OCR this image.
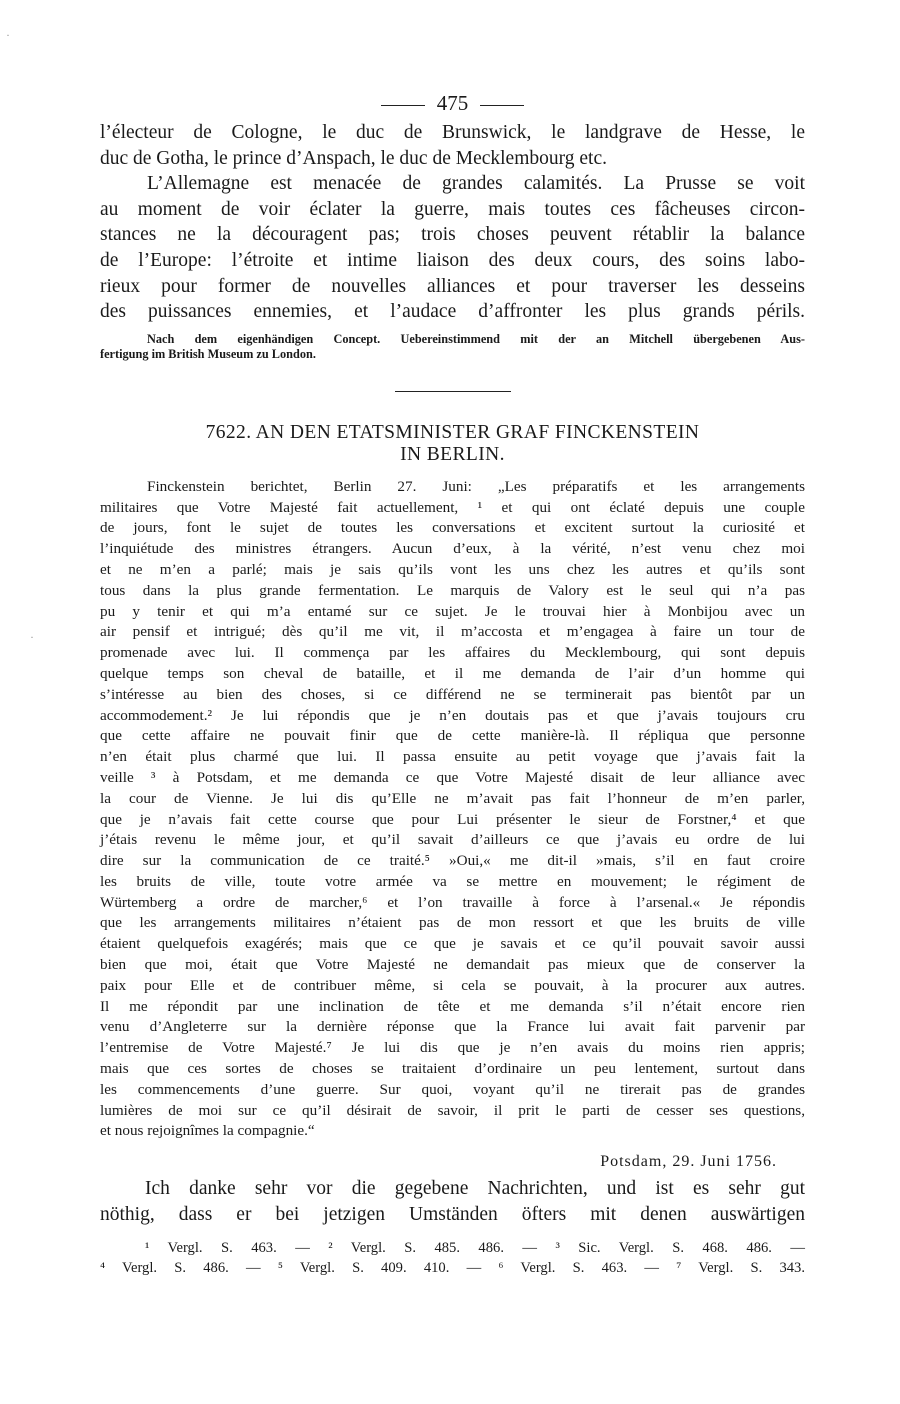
475
l’électeur de Cologne, le duc de Brunswick, le landgrave de Hesse, le
duc de Gotha, le prince d’Anspach, le duc de Mecklembourg etc.
L’Allemagne est menacée de grandes calamités. La Prusse se voit
au moment de voir éclater la guerre, mais toutes ces fâcheuses circon-
stances ne la découragent pas; trois choses peuvent rétablir la balance
de l’Europe: l’étroite et intime liaison des deux cours, des soins labo-
rieux pour former de nouvelles alliances et pour traverser les desseins
des puissances ennemies, et l’audace d’affronter les plus grands périls.
Nach dem eigenhändigen Concept. Uebereinstimmend mit der an Mitchell übergebenen Aus-
fertigung im British Museum zu London.
7622. AN DEN ETATSMINISTER GRAF FINCKENSTEIN
IN BERLIN.
Finckenstein berichtet, Berlin 27. Juni: „Les préparatifs et les arrangements
militaires que Votre Majesté fait actuellement, ¹ et qui ont éclaté depuis une couple
de jours, font le sujet de toutes les conversations et excitent surtout la curiosité et
l’inquiétude des ministres étrangers. Aucun d’eux, à la vérité, n’est venu chez moi
et ne m’en a parlé; mais je sais qu’ils vont les uns chez les autres et qu’ils sont
tous dans la plus grande fermentation. Le marquis de Valory est le seul qui n’a pas
pu y tenir et qui m’a entamé sur ce sujet. Je le trouvai hier à Monbijou avec un
air pensif et intrigué; dès qu’il me vit, il m’accosta et m’engagea à faire un tour de
promenade avec lui. Il commença par les affaires du Mecklembourg, qui sont depuis
quelque temps son cheval de bataille, et il me demanda de l’air d’un homme qui
s’intéresse au bien des choses, si ce différend ne se terminerait pas bientôt par un
accommodement.² Je lui répondis que je n’en doutais pas et que j’avais toujours cru
que cette affaire ne pouvait finir que de cette manière-là. Il répliqua que personne
n’en était plus charmé que lui. Il passa ensuite au petit voyage que j’avais fait la
veille ³ à Potsdam, et me demanda ce que Votre Majesté disait de leur alliance avec
la cour de Vienne. Je lui dis qu’Elle ne m’avait pas fait l’honneur de m’en parler,
que je n’avais fait cette course que pour Lui présenter le sieur de Forstner,⁴ et que
j’étais revenu le même jour, et qu’il savait d’ailleurs ce que j’avais eu ordre de lui
dire sur la communication de ce traité.⁵ »Oui,« me dit-il »mais, s’il en faut croire
les bruits de ville, toute votre armée va se mettre en mouvement; le régiment de
Würtemberg a ordre de marcher,⁶ et l’on travaille à force à l’arsenal.« Je répondis
que les arrangements militaires n’étaient pas de mon ressort et que les bruits de ville
étaient quelquefois exagérés; mais que ce que je savais et ce qu’il pouvait savoir aussi
bien que moi, était que Votre Majesté ne demandait pas mieux que de conserver la
paix pour Elle et de contribuer même, si cela se pouvait, à la procurer aux autres.
Il me répondit par une inclination de tête et me demanda s’il n’était encore rien
venu d’Angleterre sur la dernière réponse que la France lui avait fait parvenir par
l’entremise de Votre Majesté.⁷ Je lui dis que je n’en avais du moins rien appris;
mais que ces sortes de choses se traitaient d’ordinaire un peu lentement, surtout dans
les commencements d’une guerre. Sur quoi, voyant qu’il ne tirerait pas de grandes
lumières de moi sur ce qu’il désirait de savoir, il prit le parti de cesser ses questions,
et nous rejoignîmes la compagnie.“
Potsdam, 29. Juni 1756.
Ich danke sehr vor die gegebene Nachrichten, und ist es sehr gut
nöthig, dass er bei jetzigen Umständen öfters mit denen auswärtigen
¹ Vergl. S. 463. — ² Vergl. S. 485. 486. — ³ Sic. Vergl. S. 468. 486. —
⁴ Vergl. S. 486. — ⁵ Vergl. S. 409. 410. — ⁶ Vergl. S. 463. — ⁷ Vergl. S. 343.
·
·
